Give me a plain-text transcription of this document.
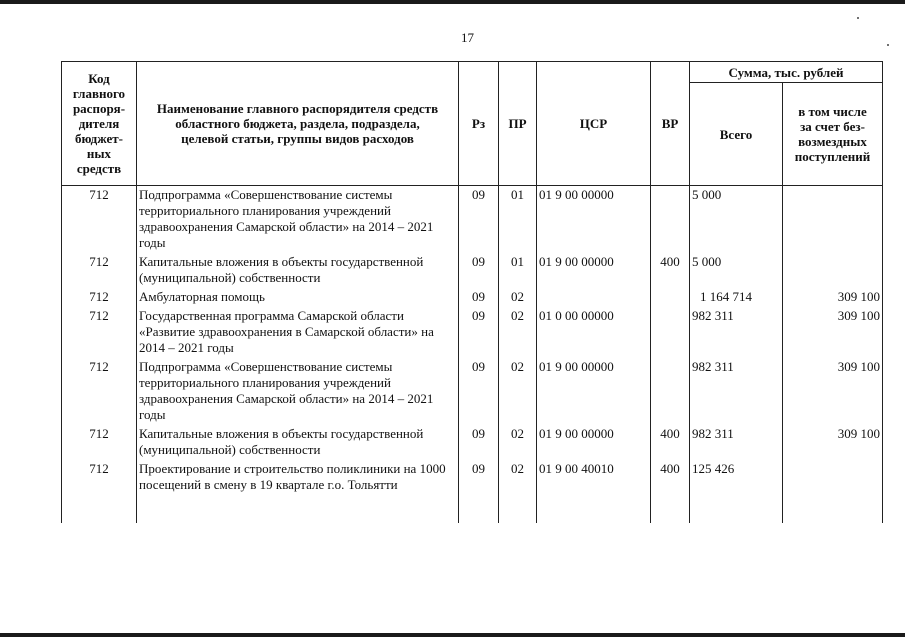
17
Код главного распоря-дителя бюджет-ных средств	Наименование главного распорядителя средств областного бюджета, раздела, подраздела, целевой статьи, группы видов расходов	Рз	ПР	ЦСР	ВР	Сумма, тыс. рублей	
						Всего	в том числе за счет без-возмездных поступлений
712	Подпрограмма «Совершенствование системы территориального планирования учреждений здравоохранения Самарской области» на 2014 – 2021 годы	09	01	01 9 00 00000		5 000	
712	Капитальные вложения в объекты государственной (муниципальной) собственности	09	01	01 9 00 00000	400	5 000	
712	Амбулаторная помощь	09	02			1 164 714	309 100
712	Государственная программа Самарской области «Развитие здравоохранения в Самарской области» на 2014 – 2021 годы	09	02	01 0 00 00000		982 311	309 100
712	Подпрограмма «Совершенствование системы территориального планирования учреждений здравоохранения Самарской области» на 2014 – 2021 годы	09	02	01 9 00 00000		982 311	309 100
712	Капитальные вложения в объекты государственной (муниципальной) собственности	09	02	01 9 00 00000	400	982 311	309 100
712	Проектирование и строительство поликлиники на 1000 посещений в смену в 19 квартале г.о. Тольятти	09	02	01 9 00 40010	400	125 426	
